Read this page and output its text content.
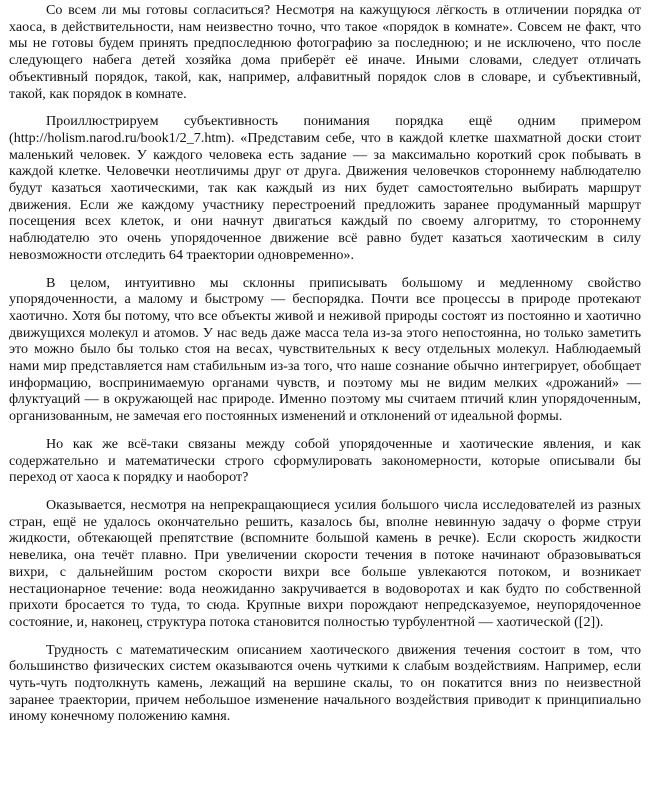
Со всем ли мы готовы согласиться? Несмотря на кажущуюся лёгкость в отличении порядка от хаоса, в действительности, нам неизвестно точно, что такое «порядок в комнате». Совсем не факт, что мы не готовы будем принять предпоследнюю фотографию за последнюю; и не исключено, что после следующего набега детей хозяйка дома приберёт её иначе. Иными словами, следует отличать объективный порядок, такой, как, например, алфавитный порядок слов в словаре, и субъективный, такой, как порядок в комнате.

Проиллюстрируем субъективность понимания порядка ещё одним примером (http://holism.narod.ru/book1/2_7.htm). «Представим себе, что в каждой клетке шахматной доски стоит маленький человек. У каждого человека есть задание — за максимально короткий срок побывать в каждой клетке. Человечки неотличимы друг от друга. Движения человечков стороннему наблюдателю будут казаться хаотическими, так как каждый из них будет самостоятельно выбирать маршрут движения. Если же каждому участнику перестроений предложить заранее продуманный маршрут посещения всех клеток, и они начнут двигаться каждый по своему алгоритму, то стороннему наблюдателю это очень упорядоченное движение всё равно будет казаться хаотическим в силу невозможности отследить 64 траектории одновременно».

В целом, интуитивно мы склонны приписывать большому и медленному свойство упорядоченности, а малому и быстрому — беспорядка. Почти все процессы в природе протекают хаотично. Хотя бы потому, что все объекты живой и неживой природы состоят из постоянно и хаотично движущихся молекул и атомов. У нас ведь даже масса тела из-за этого непостоянна, но только заметить это можно было бы только стоя на весах, чувствительных к весу отдельных молекул. Наблюдаемый нами мир представляется нам стабильным из-за того, что наше сознание обычно интегрирует, обобщает информацию, воспринимаемую органами чувств, и поэтому мы не видим мелких «дрожаний» — флуктуаций — в окружающей нас природе. Именно поэтому мы считаем птичий клин упорядоченным, организованным, не замечая его постоянных изменений и отклонений от идеальной формы.

Но как же всё-таки связаны между собой упорядоченные и хаотические явления, и как содержательно и математически строго сформулировать закономерности, которые описывали бы переход от хаоса к порядку и наоборот?

Оказывается, несмотря на непрекращающиеся усилия большого числа исследователей из разных стран, ещё не удалось окончательно решить, казалось бы, вполне невинную задачу о форме струи жидкости, обтекающей препятствие (вспомните большой камень в речке). Если скорость жидкости невелика, она течёт плавно. При увеличении скорости течения в потоке начинают образовываться вихри, с дальнейшим ростом скорости вихри все больше увлекаются потоком, и возникает нестационарное течение: вода неожиданно закручивается в водоворотах и как будто по собственной прихоти бросается то туда, то сюда. Крупные вихри порождают непредсказуемое, неупорядоченное состояние, и, наконец, структура потока становится полностью турбулентной — хаотической ([2]).

Трудность с математическим описанием хаотического движения течения состоит в том, что большинство физических систем оказываются очень чуткими к слабым воздействиям. Например, если чуть-чуть подтолкнуть камень, лежащий на вершине скалы, то он покатится вниз по неизвестной заранее траектории, причем небольшое изменение начального воздействия приводит к принципиально иному конечному положению камня.
